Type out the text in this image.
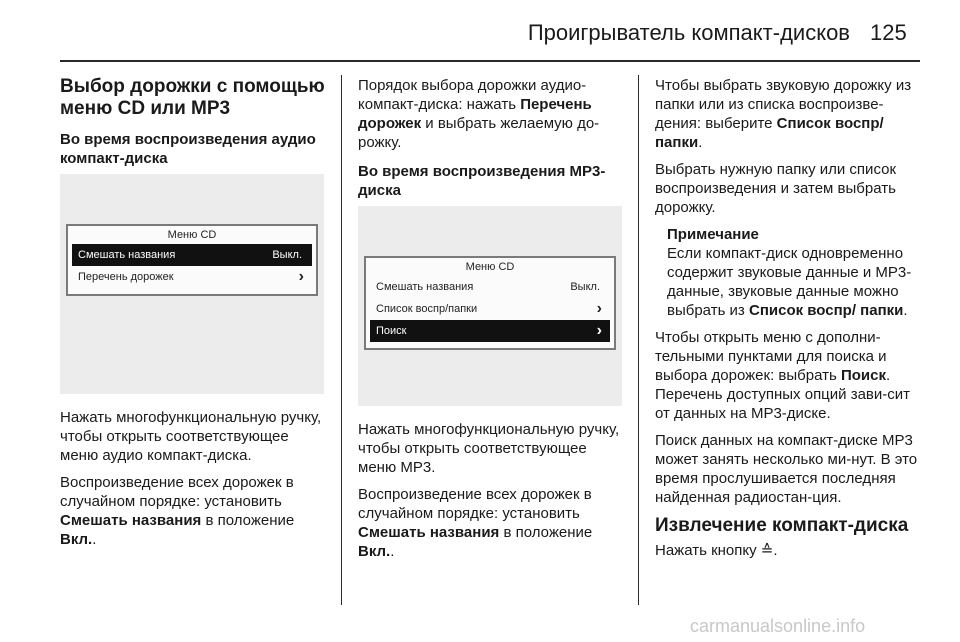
Проигрыватель компакт-дисков 125
Выбор дорожки с помощью меню CD или MP3
Во время воспроизведения аудио компакт-диска
Меню CD
Смешать названия	Выкл.
Перечень дорожек	›

Нажать многофункциональную ручку, чтобы открыть соответствующее меню аудио компакт-диска.

Воспроизведение всех дорожек в случайном порядке: установить Смешать названия в положение Вкл..

Порядок выбора дорожки аудио-компакт-диска: нажать Перечень дорожек и выбрать желаемую до-рожку.

Во время воспроизведения MP3-диска
Меню CD
Смешать названия	Выкл.
Список воспр/папки	›
Поиск	›

Нажать многофункциональную ручку, чтобы открыть соответствующее меню MP3.

Воспроизведение всех дорожек в случайном порядке: установить Смешать названия в положение Вкл..

Чтобы выбрать звуковую дорожку из папки или из списка воспроизве-дения: выберите Список воспр/ папки.

Выбрать нужную папку или список воспроизведения и затем выбрать дорожку.

Примечание

Если компакт-диск одновременно содержит звуковые данные и MP3-данные, звуковые данные можно выбрать из Список воспр/ папки.

Чтобы открыть меню с дополни-тельными пунктами для поиска и выбора дорожек: выбрать Поиск. Перечень доступных опций зави-сит от данных на MP3-диске.

Поиск данных на компакт-диске MP3 может занять несколько ми-нут. В это время прослушивается последняя найденная радиостан-ция.

Извлечение компакт-диска

Нажать кнопку ≙.

carmanualsonline.info
